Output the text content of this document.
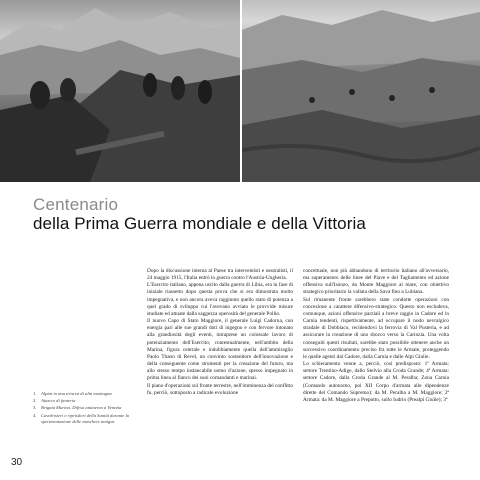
Centenario
della Prima Guerra mondiale e della Vittoria
1. Alpini in una trincea di alta montagna
2. Attacco di fanteria
3. Brigata Murina. Difesa antiaerea a Venezia
4. Cavalrisieri e ripristlori della Sanità durante la sperimentazione delle maschere antigas

Dopo la discussione interna al Paese tra interventisti e neutralisti, il 24 maggio 1915, l'Italia entrò in guerra contro l'Austria-Ungheria.

L'Esercito italiano, appena uscito dalla guerra di Libia, era in fase di iniziale riassetto dopo questa prova che si era dimostrata molto impegnativa, e non ancora aveva raggiunto quello stato di potenza a quel grado di sviluppo cui l'avevano avviato le provvide misure studiate ed attuate dalla saggezza operosità del generale Pollio.

Il nuovo Capo di Stato Maggiore, il generale Luigi Cadorna, con energia pari alle sue grandi doti di ingegno e con fervore intonato alla grandiosità degli eventi, intraprese un colossale lavoro di potenziamento dell'Esercito; contestualmente, nell'ambito della Marina, figura centrale e indubbiamente quella dell'ammiraglio Paolo Thaon di Revel, un convinto sostenitore dell'innovazione e della conseguente come strumenti per la creazione del futuro, ma allo stesso tempo instancabile uomo d'azione, spesso impegnato in prima linea al fianco dei suoi comandanti e marinai.

Il piano d'operazioni sul fronte terrestre, nell'imminenza del conflitto fu, perciò, sottoposto a radicale evoluzione

concettuale, non più abbandono di territorio italiano all'avversario, ma superamento delle linee del Piave e del Tagliamento ed azione offensiva sull'Isonzo, da Monte Maggiore al mare, con obiettivo strategico prioritario la vallata della Sava fino a Lubiana.

Sul rimanente fronte sarebbero state condotte operazioni con concezione a carattere difensivo-strategico. Questo non escludeva, comunque, azioni offensive parziali a breve raggio in Cadore ed in Carnia tendenti, rispettivamente, ad occupare il nodo nevralgico stradale di Dobbiaco, recidendovi la ferrovia di Val Pusteria, e ad assicurare la creazione di uno sbocco verso la Carinzia. Una volta conseguiti questi risultati, sarebbe stato possibile ottenere anche un successivo coordinamento preciso fra tutte le Armate, proteggendo le quelle agenti dal Cadore, dalla Carnia e dalle Alpi Giulie.

Lo schieramento venne a, perciò, così predisposto: 1ª Armata: settore Trentino-Adige, dallo Stelvio alla Croda Grande; 4ª Armata: settore Cadore, dalla Croda Grande al M. Peralba; Zona Carnia (Comando autonomo, poi XII Corpo d'armata alle dipendenze dirette del Comando Supremo): da M. Peralba a M. Maggiore; 2ª Armata: da M. Maggiore a Prepotto, sullo Iudrio (Prealpi Giulie); 3ª

30
